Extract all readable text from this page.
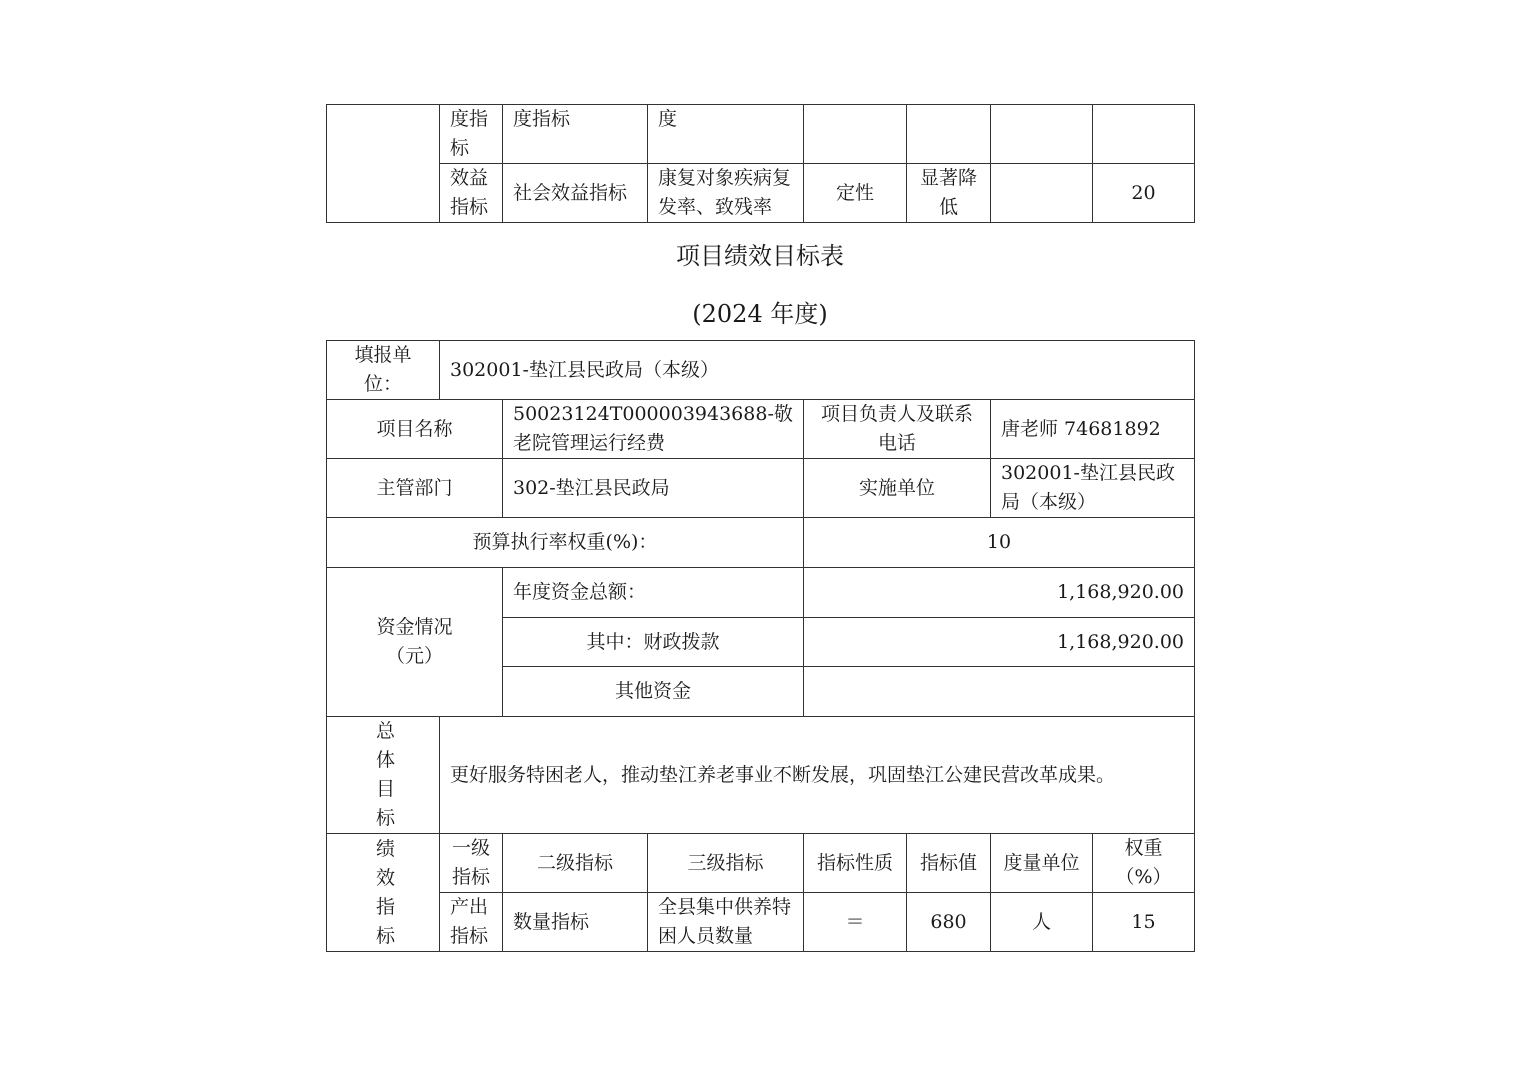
	度指标	度指标	度				
	效益指标	社会效益指标	康复对象疾病复发率、致残率	定性	显著降低		20
项目绩效目标表
(2024 年度)
填报单位：	302001-垫江县民政局（本级）						
项目名称		50023124T000003943688-敬老院管理运行经费		项目负责人及联系电话		唐老师 74681892	
主管部门		302-垫江县民政局		实施单位		302001-垫江县民政局（本级）	
预算执行率权重(%)：				10			
资金情况（元）		年度资金总额：		1,168,920.00			
		其中：财政拨款		1,168,920.00			
		其他资金					
总体目标	更好服务特困老人，推动垫江养老事业不断发展，巩固垫江公建民营改革成果。						
绩效指标	一级指标	二级指标	三级指标	指标性质	指标值	度量单位	权重（%）
	产出指标	数量指标	全县集中供养特困人员数量	＝	680	人	15
